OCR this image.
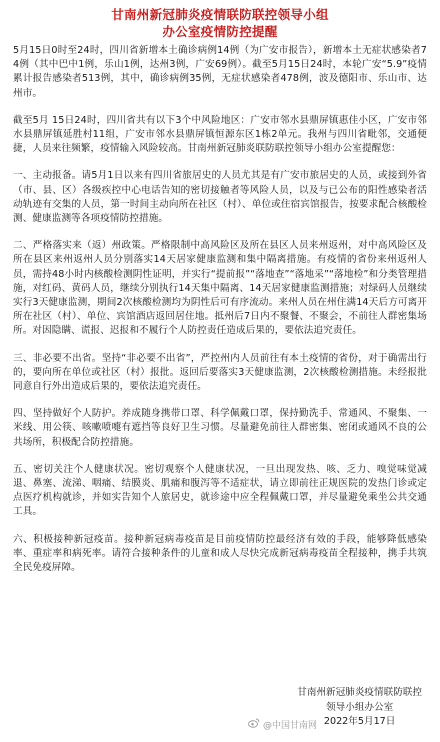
甘南州新冠肺炎疫情联防联控领导小组
办公室疫情防控提醒

5月15日0时至24时，四川省新增本土确诊病例14例（为广安市报告），新增本土无症状感染者74例（其中巴中1例，乐山1例，达州3例，广安69例）。截至5月15日24时，本轮广安“5.9”疫情累计报告感染者513例，其中，确诊病例35例，无症状感染者478例，波及德阳市、乐山市、达州市。

截至5月 15日24时，四川省共有以下3个中风险地区：广安市邻水县鼎屏镇惠佳小区，广安市邻水县鼎屏镇延胜村11组，广安市邻水县鼎屏镇恒源东区1栋2单元。我州与四川省毗邻，交通便捷，人员来往频繁，疫情输入风险较高。甘南州新冠肺炎联防联控领导小组办公室提醒您：

一、主动报备。请5月1日以来有四川省旅居史的人员尤其是有广安市旅居史的人员，或接到外省（市、县、区）各级疾控中心电话告知的密切接触者等风险人员，以及与已公布的阳性感染者活动轨迹有交集的人员，第一时间主动向所在社区（村）、单位或住宿宾馆报告，按要求配合核酸检测、健康监测等各项疫情防控措施。

二、严格落实来（返）州政策。严格限制中高风险区及所在县区人员来州返州，对中高风险区及所在县区来州返州人员分别落实14天居家健康监测和集中隔离措施。有疫情的省份来州返州人员，需持48小时内核酸检测阴性证明，并实行“提前报”“落地查”“落地采”“落地检”和分类管理措施，对红码、黄码人员，继续分别执行14天集中隔离、14天居家健康监测措施；对绿码人员继续实行3天健康监测，期间2次核酸检测均为阴性后可有序流动。来州人员在州住满14天后方可离开所在社区（村）、单位、宾馆酒店返回居住地。抵州后7日内不聚餐、不聚会，不前往人群密集场所。对因隐瞒、谎报、迟报和不履行个人防控责任造成后果的，要依法追究责任。

三、非必要不出省。坚持“非必要不出省”，严控州内人员前往有本土疫情的省份，对于确需出行的，要向所在单位或社区（村）报批。返回后要落实3天健康监测，2次核酸检测措施。未经报批同意自行外出造成后果的，要依法追究责任。

四、坚持做好个人防护。养成随身携带口罩、科学佩戴口罩，保持勤洗手、常通风、不聚集、一米线、用公筷、咳嗽喷嚏有遮挡等良好卫生习惯。尽量避免前往人群密集、密闭或通风不良的公共场所，积极配合防控措施。

五、密切关注个人健康状况。密切观察个人健康状况，一旦出现发热、咳、乏力、嗅觉味觉减退、鼻塞、流涕、咽痛、结膜炎、肌痛和腹泻等不适症状，请立即前往正规医院的发热门诊或定点医疗机构就诊，并如实告知个人旅居史，就诊途中应全程佩戴口罩，并尽量避免乘坐公共交通工具。

六、积极接种新冠疫苗。接种新冠病毒疫苗是目前疫情防控最经济有效的手段，能够降低感染率、重症率和病死率。请符合接种条件的儿童和成人尽快完成新冠病毒疫苗全程接种，携手共筑全民免疫屏障。

甘南州新冠肺炎疫情联防联控
领导小组办公室
2022年5月17日
@中国甘南网
